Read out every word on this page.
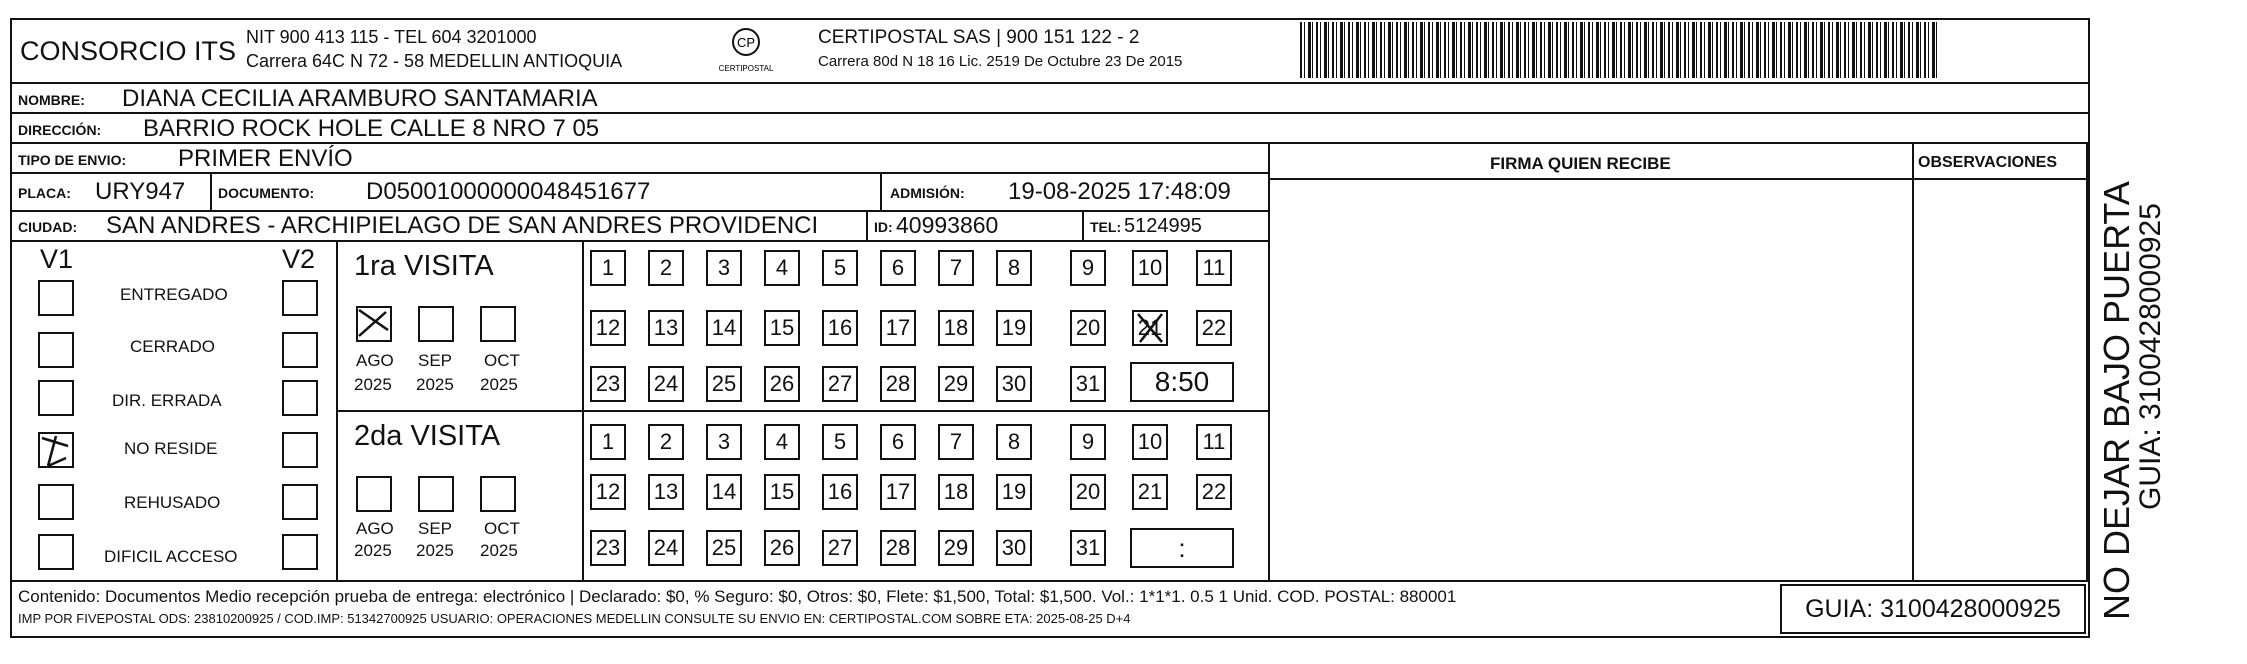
CONSORCIO ITS NIT 900 413 115 - TEL 604 3201000
Carrera 64C N 72 - 58 MEDELLIN ANTIOQUIA
CP
CERTIPOSTAL
CERTIPOSTAL SAS | 900 151 122 - 2
Carrera 80d N 18 16 Lic. 2519 De Octubre 23 De 2015
NOMBRE: DIANA CECILIA ARAMBURO SANTAMARIA
DIRECCIÓN: BARRIO ROCK HOLE CALLE 8 NRO 7 05
TIPO DE ENVIO: PRIMER ENVÍO	FIRMA QUIEN RECIBE	OBSERVACIONES
PLACA: URY947 DOCUMENTO: D05001000000048451677	ADMISIÓN: 19-08-2025 17:48:09
CIUDAD: SAN ANDRES - ARCHIPIELAGO DE SAN ANDRES PROVIDENCI	ID: 40993860	TEL: 5124995
V1	V2
ENTREGADO
CERRADO
DIR. ERRADA
NO RESIDE
REHUSADO
DIFICIL ACCESO
1ra VISITA
AGO SEP OCT
2025 2025 2025
1	2	3	4	5	6	7	8	9	10 11
12 13 14 15 16 17 18 19 20 21 22
23 24 25 26 27 28 29 30 31	8:50
2da VISITA
AGO SEP OCT
2025 2025 2025
1	2	3	4	5	6	7	8	9	10 11
12 13 14 15 16 17 18 19 20 21 22
23 24 25 26 27 28 29 30 31	:
Contenido: Documentos Medio recepción prueba de entrega: electrónico | Declarado: $0, % Seguro: $0, Otros: $0, Flete: $1,500, Total: $1,500. Vol.: 1*1*1. 0.5 1 Unid. COD. POSTAL: 880001
IMP POR FIVEPOSTAL ODS: 23810200925 / COD.IMP: 51342700925 USUARIO: OPERACIONES MEDELLIN CONSULTE SU ENVIO EN: CERTIPOSTAL.COM SOBRE ETA: 2025-08-25 D+4	GUIA: 3100428000925 NO DEJAR BAJO PUERTA
GUIA: 3100428000925
